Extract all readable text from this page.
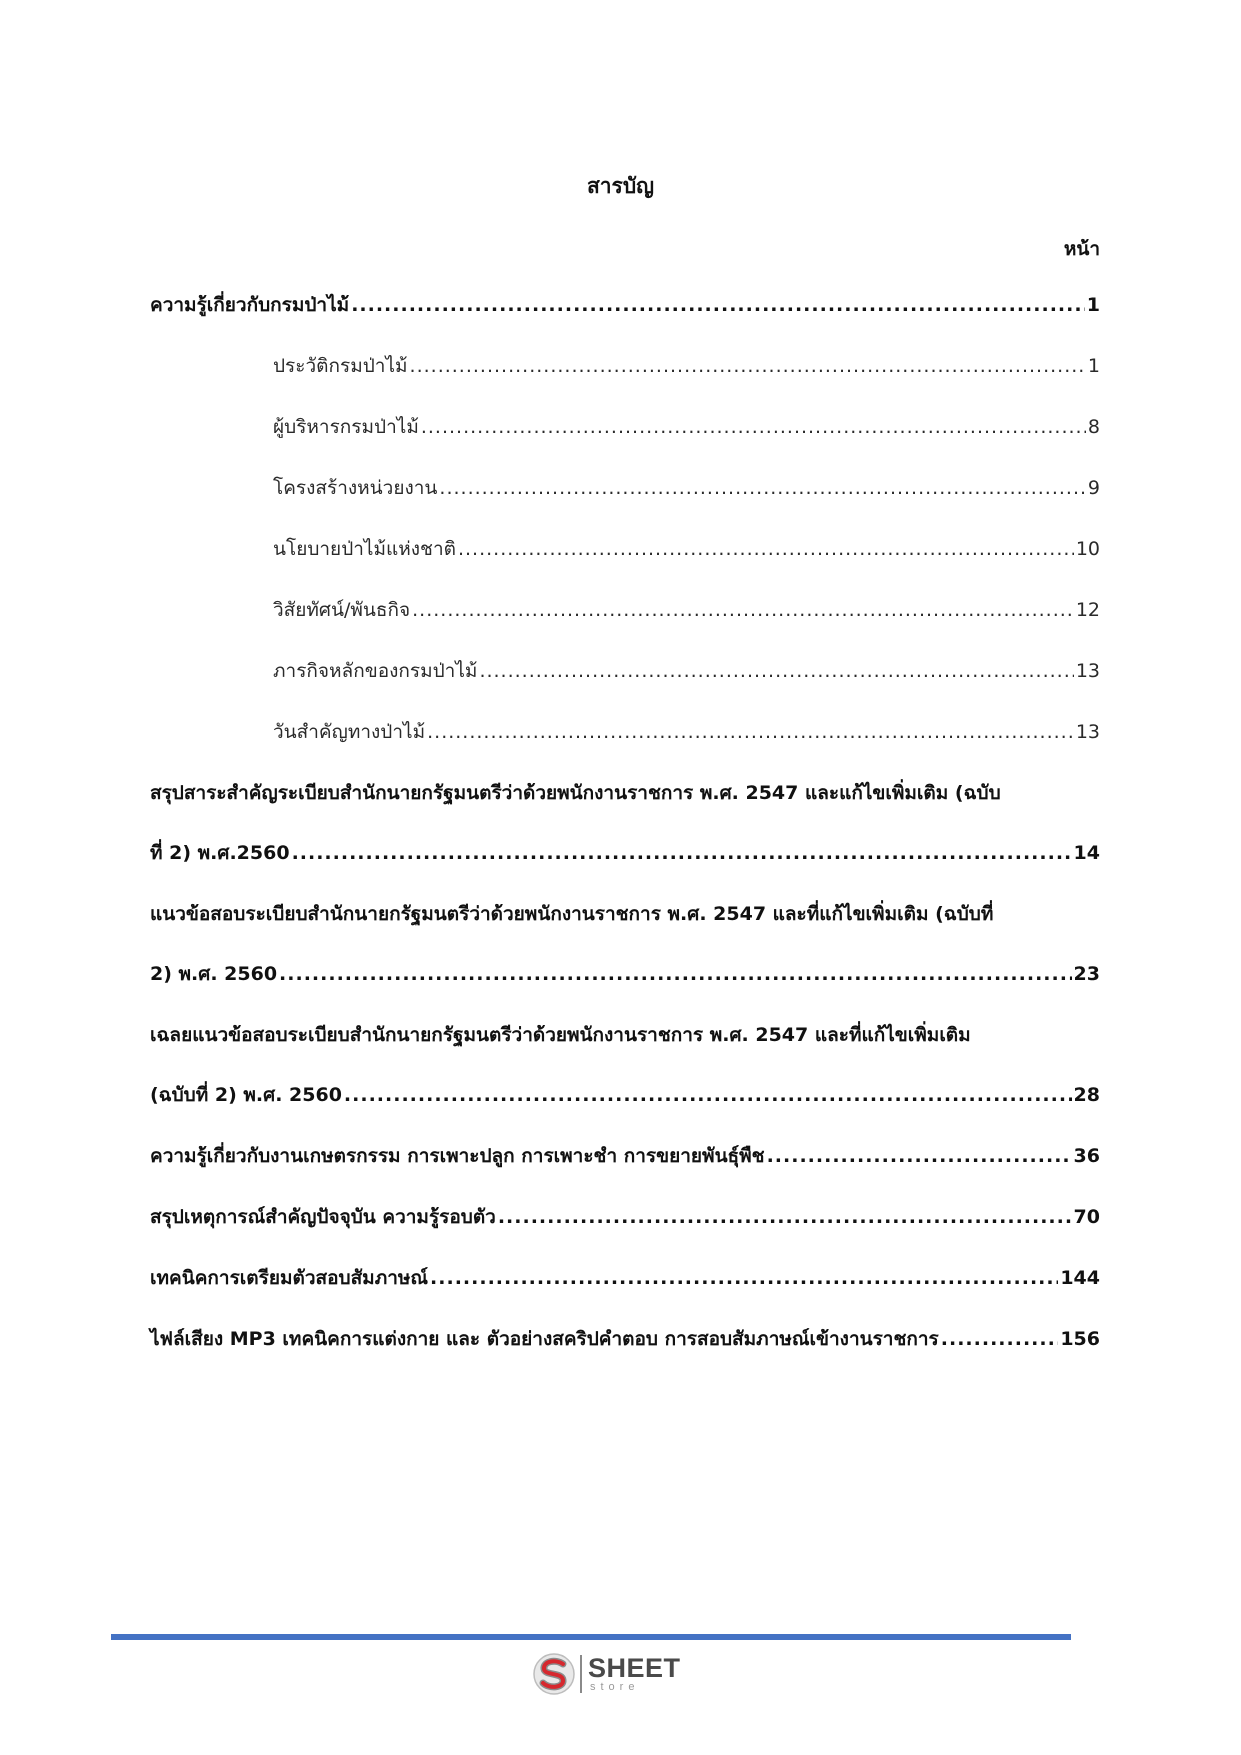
สารบัญ
หน้า
ความรู้เกี่ยวกับกรมป่าไม้ .....	1
ประวัติกรมป่าไม้ .....	1
ผู้บริหารกรมป่าไม้ .....	8
โครงสร้างหน่วยงาน .....	9
นโยบายป่าไม้แห่งชาติ .....	10
วิสัยทัศน์/พันธกิจ .....	12
ภารกิจหลักของกรมป่าไม้ .....	13
วันสำคัญทางป่าไม้ .....	13
สรุปสาระสำคัญระเบียบสำนักนายกรัฐมนตรีว่าด้วยพนักงานราชการ พ.ศ. 2547 และแก้ไขเพิ่มเติม (ฉบับ
ที่ 2) พ.ศ.2560 .....	14
แนวข้อสอบระเบียบสำนักนายกรัฐมนตรีว่าด้วยพนักงานราชการ พ.ศ. 2547 และที่แก้ไขเพิ่มเติม (ฉบับที่
2) พ.ศ. 2560 .....	23
เฉลยแนวข้อสอบระเบียบสำนักนายกรัฐมนตรีว่าด้วยพนักงานราชการ พ.ศ. 2547 และที่แก้ไขเพิ่มเติม
(ฉบับที่ 2) พ.ศ. 2560 .....	28
ความรู้เกี่ยวกับงานเกษตรกรรม การเพาะปลูก การเพาะชำ การขยายพันธุ์พืช .....	36
สรุปเหตุการณ์สำคัญปัจจุบัน ความรู้รอบตัว .....	70
เทคนิคการเตรียมตัวสอบสัมภาษณ์ .....	144
ไฟล์เสียง MP3 เทคนิคการแต่งกาย และ ตัวอย่างสคริปคำตอบ การสอบสัมภาษณ์เข้างานราชการ .....	156
SHEET
store
